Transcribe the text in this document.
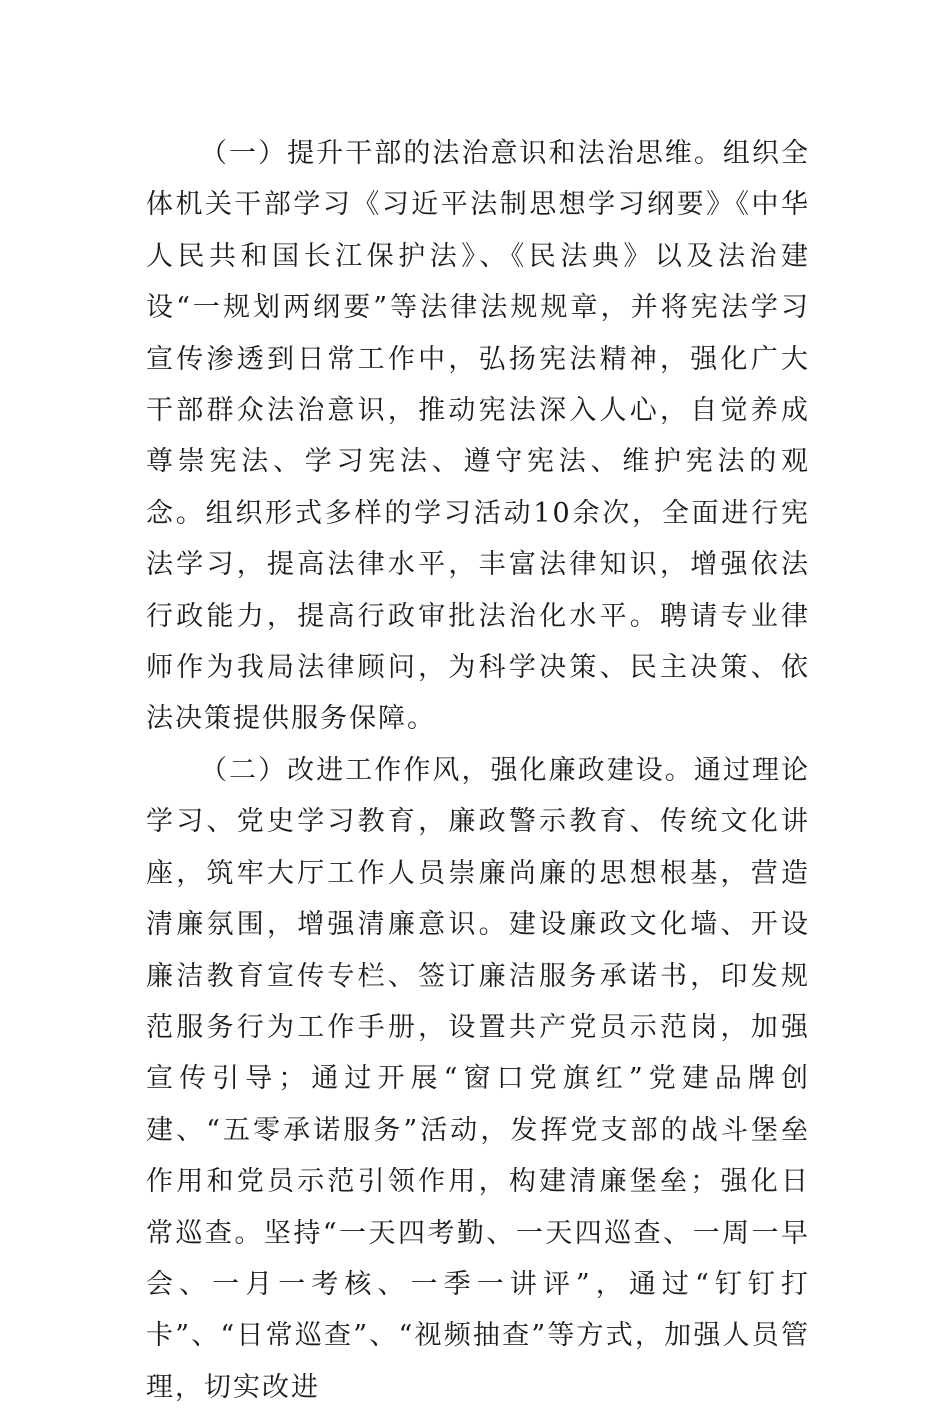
（一）提升干部的法治意识和法治思维。组织全体机关干部学习《习近平法制思想学习纲要》《中华人民共和国长江保护法》、《民法典》以及法治建设“一规划两纲要”等法律法规规章，并将宪法学习宣传渗透到日常工作中，弘扬宪法精神，强化广大干部群众法治意识，推动宪法深入人心，自觉养成尊崇宪法、学习宪法、遵守宪法、维护宪法的观念。组织形式多样的学习活动10余次，全面进行宪法学习，提高法律水平，丰富法律知识，增强依法行政能力，提高行政审批法治化水平。聘请专业律师作为我局法律顾问，为科学决策、民主决策、依法决策提供服务保障。

（二）改进工作作风，强化廉政建设。通过理论学习、党史学习教育，廉政警示教育、传统文化讲座，筑牢大厅工作人员崇廉尚廉的思想根基，营造清廉氛围，增强清廉意识。建设廉政文化墙、开设廉洁教育宣传专栏、签订廉洁服务承诺书，印发规范服务行为工作手册，设置共产党员示范岗，加强宣传引导；通过开展“窗口党旗红”党建品牌创建、“五零承诺服务”活动，发挥党支部的战斗堡垒作用和党员示范引领作用，构建清廉堡垒；强化日常巡查。坚持“一天四考勤、一天四巡查、一周一早会、一月一考核、一季一讲评”，通过“钉钉打卡”、“日常巡查”、“视频抽查”等方式，加强人员管理，切实改进
